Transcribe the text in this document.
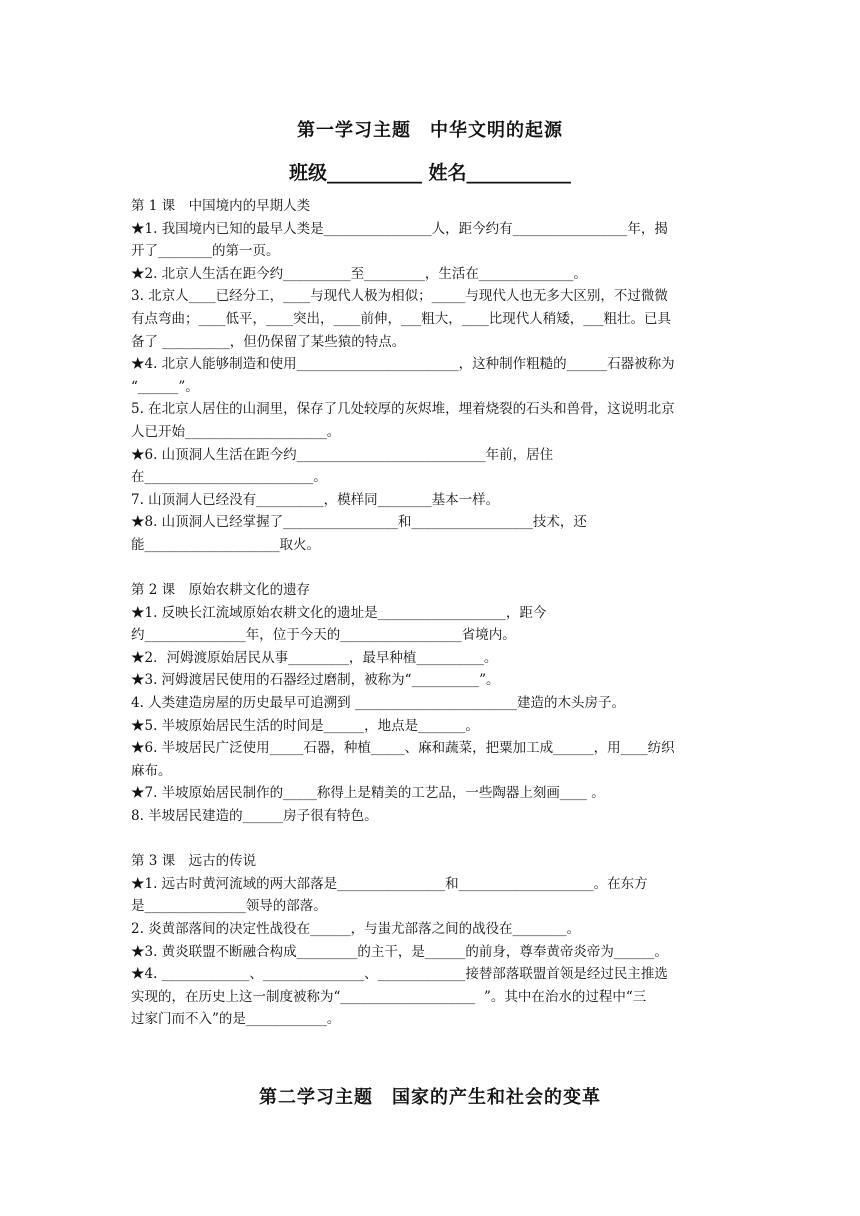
第一学习主题　中华文明的起源
班级__________ 姓名___________
第 1 课　中国境内的早期人类
★1. 我国境内已知的最早人类是________________人，距今约有_________________年，揭
开了________的第一页。
★2. 北京人生活在距今约__________至_________，生活在______________。
3. 北京人____已经分工，____与现代人极为相似；_____与现代人也无多大区别，不过微微
有点弯曲；____低平，____突出，____前伸，___粗大，____比现代人稍矮，___粗壮。已具
备了 __________，但仍保留了某些猿的特点。
★4. 北京人能够制造和使用________________________，这种制作粗糙的______石器被称为
“______”。
5. 在北京人居住的山洞里，保存了几处较厚的灰烬堆，埋着烧裂的石头和兽骨，这说明北京
人已开始_____________________。
★6. 山顶洞人生活在距今约____________________________年前，居住
在_________________________。
7. 山顶洞人已经没有__________，模样同________基本一样。
★8. 山顶洞人已经掌握了_________________和__________________技术，还
能____________________取火。
第 2 课　原始农耕文化的遗存
★1. 反映长江流域原始农耕文化的遗址是___________________，距今
约_______________年，位于今天的__________________省境内。
★2．河姆渡原始居民从事_________，最早种植__________。
★3. 河姆渡居民使用的石器经过磨制，被称为“__________”。
4. 人类建造房屋的历史最早可追溯到 ________________________建造的木头房子。
★5. 半坡原始居民生活的时间是______，地点是_______。
★6. 半坡居民广泛使用_____石器，种植_____、麻和蔬菜，把粟加工成______，用____纺织
麻布。
★7. 半坡原始居民制作的_____称得上是精美的工艺品，一些陶器上刻画____ 。
8. 半坡居民建造的______房子很有特色。
第 3 课　远古的传说
★1. 远古时黄河流域的两大部落是________________和____________________。在东方
是_______________领导的部落。
2. 炎黄部落间的决定性战役在______，与蚩尤部落之间的战役在________。
★3. 黄炎联盟不断融合构成_________的主干，是______的前身，尊奉黄帝炎帝为______。
★4. _____________、_______________、_____________接替部落联盟首领是经过民主推选
实现的，在历史上这一制度被称为“____________________  ”。其中在治水的过程中“三
过家门而不入”的是____________。
第二学习主题　国家的产生和社会的变革
